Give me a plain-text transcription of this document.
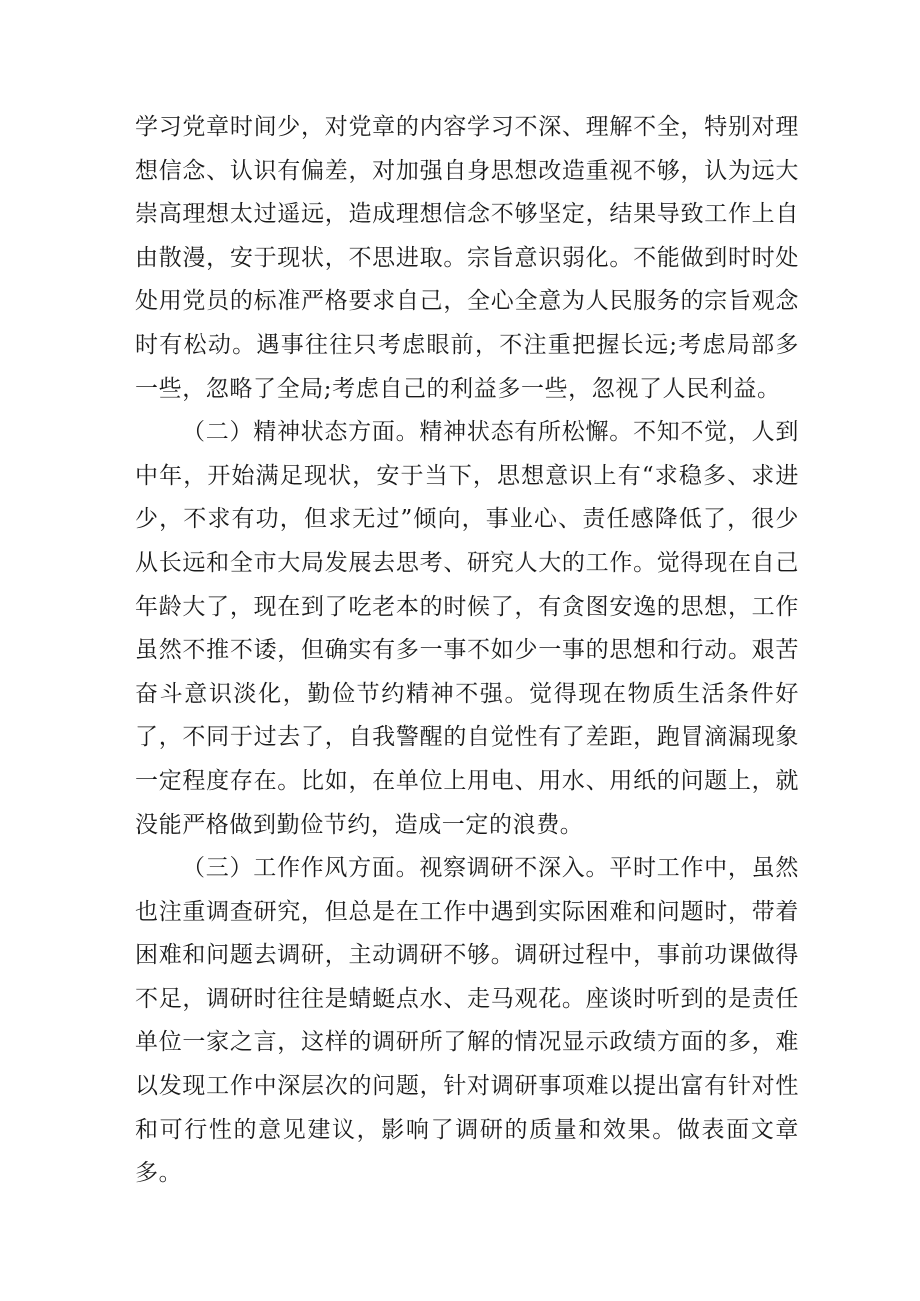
学习党章时间少，对党章的内容学习不深、理解不全，特别对理想信念、认识有偏差，对加强自身思想改造重视不够，认为远大崇高理想太过遥远，造成理想信念不够坚定，结果导致工作上自由散漫，安于现状，不思进取。宗旨意识弱化。不能做到时时处处用党员的标准严格要求自己，全心全意为人民服务的宗旨观念时有松动。遇事往往只考虑眼前，不注重把握长远;考虑局部多一些，忽略了全局;考虑自己的利益多一些，忽视了人民利益。

（二）精神状态方面。精神状态有所松懈。不知不觉，人到中年，开始满足现状，安于当下，思想意识上有“求稳多、求进少，不求有功，但求无过”倾向，事业心、责任感降低了，很少从长远和全市大局发展去思考、研究人大的工作。觉得现在自己年龄大了，现在到了吃老本的时候了，有贪图安逸的思想，工作虽然不推不诿，但确实有多一事不如少一事的思想和行动。艰苦奋斗意识淡化，勤俭节约精神不强。觉得现在物质生活条件好了，不同于过去了，自我警醒的自觉性有了差距，跑冒滴漏现象一定程度存在。比如，在单位上用电、用水、用纸的问题上，就没能严格做到勤俭节约，造成一定的浪费。

（三）工作作风方面。视察调研不深入。平时工作中，虽然也注重调查研究，但总是在工作中遇到实际困难和问题时，带着困难和问题去调研，主动调研不够。调研过程中，事前功课做得不足，调研时往往是蜻蜓点水、走马观花。座谈时听到的是责任单位一家之言，这样的调研所了解的情况显示政绩方面的多，难以发现工作中深层次的问题，针对调研事项难以提出富有针对性和可行性的意见建议，影响了调研的质量和效果。做表面文章多。
